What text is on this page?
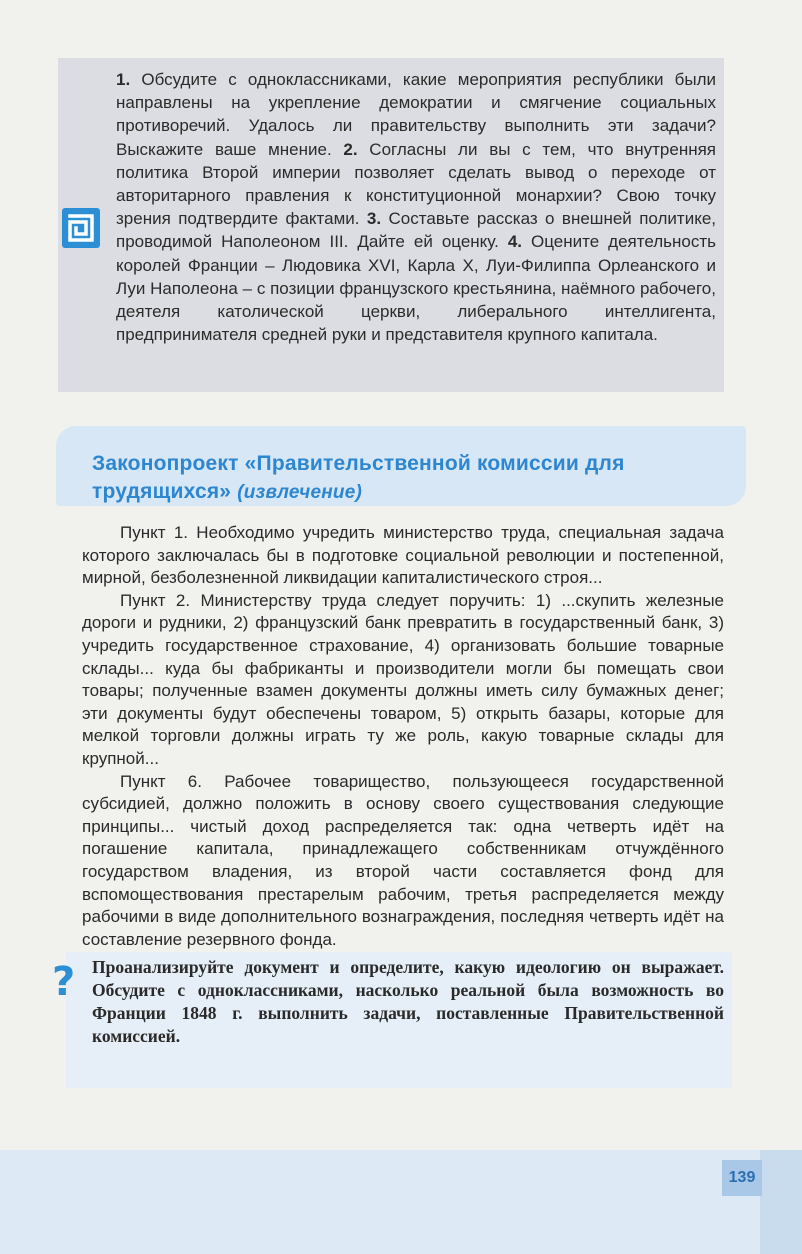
1. Обсудите с одноклассниками, какие мероприятия республики были направлены на укрепление демократии и смягчение социальных противоречий. Удалось ли правительству выполнить эти задачи? Выскажите ваше мнение. 2. Согласны ли вы с тем, что внутренняя политика Второй империи позволяет сделать вывод о переходе от авторитарного правления к конституционной монархии? Свою точку зрения подтвердите фактами. 3. Составьте рассказ о внешней политике, проводимой Наполеоном III. Дайте ей оценку. 4. Оцените деятельность королей Франции – Людовика XVI, Карла X, Луи-Филиппа Орлеанского и Луи Наполеона – с позиции французского крестьянина, наёмного рабочего, деятеля католической церкви, либерального интеллигента, предпринимателя средней руки и представителя крупного капитала.
Законопроект «Правительственной комиссии для трудящихся» (извлечение)

Пункт 1. Необходимо учредить министерство труда, специальная задача которого заключалась бы в подготовке социальной революции и постепенной, мирной, безболезненной ликвидации капиталистического строя...

Пункт 2. Министерству труда следует поручить: 1) ...скупить железные дороги и рудники, 2) французский банк превратить в государственный банк, 3) учредить государственное страхование, 4) организовать большие товарные склады... куда бы фабриканты и производители могли бы помещать свои товары; полученные взамен документы должны иметь силу бумажных денег; эти документы будут обеспечены товаром, 5) открыть базары, которые для мелкой торговли должны играть ту же роль, какую товарные склады для крупной...

Пункт 6. Рабочее товарищество, пользующееся государственной субсидией, должно положить в основу своего существования следующие принципы... чистый доход распределяется так: одна четверть идёт на погашение капитала, принадлежащего собственникам отчуждённого государством владения, из второй части составляется фонд для вспомоществования престарелым рабочим, третья распределяется между рабочими в виде дополнительного вознаграждения, последняя четверть идёт на составление резервного фонда.

? Проанализируйте документ и определите, какую идеологию он выражает. Обсудите с одноклассниками, насколько реальной была возможность во Франции 1848 г. выполнить задачи, поставленные Правительственной комиссией.
139
